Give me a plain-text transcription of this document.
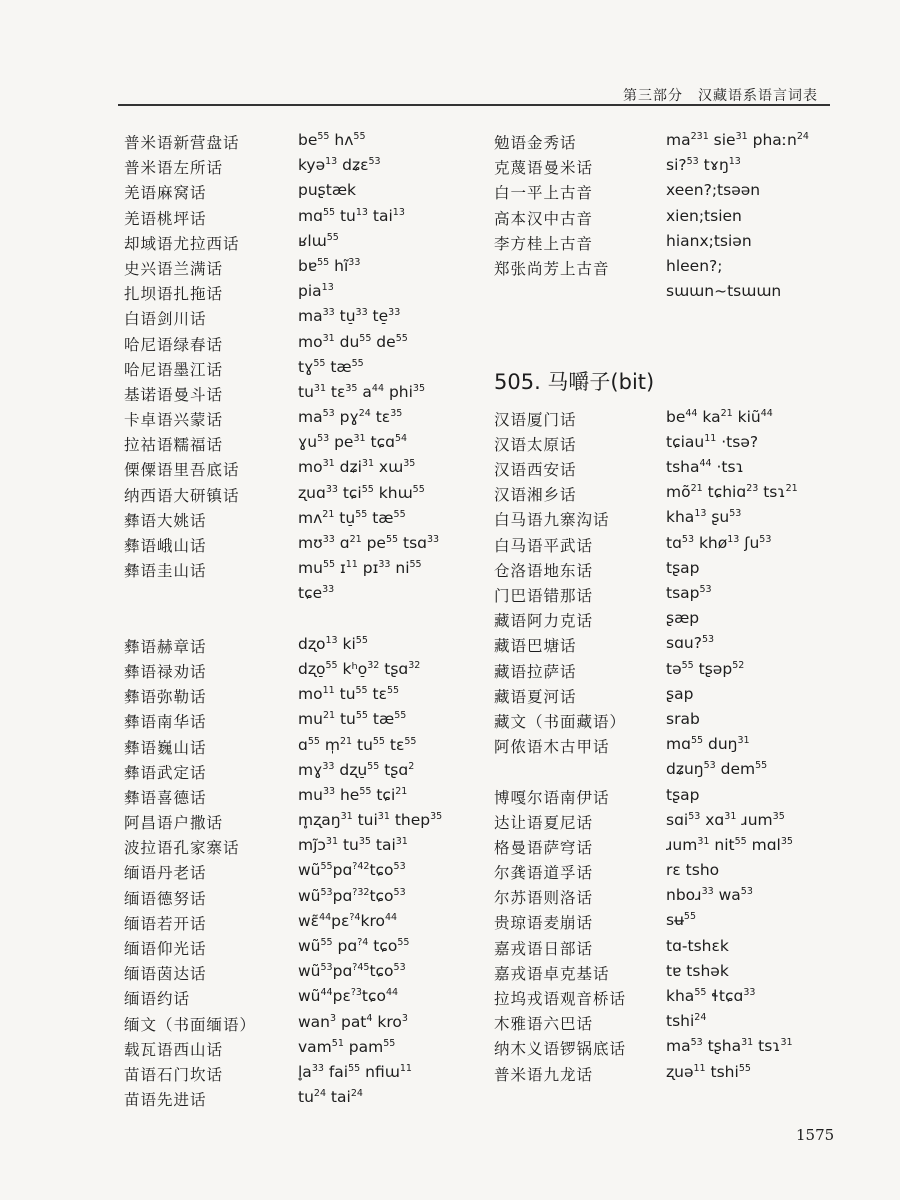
第三部分　汉藏语系语言词表
普米语新营盘话	$be^{55}$ hʌ$^{55}$
普米语左所话	kyə$^{13}$ dʑɛ$^{53}$
羌语麻窝话	puʂtæk
羌语桃坪话	mɑ$^{55}$ $tu^{13}$ tai$^{13}$
却域语尤拉西话	ʁlɯ$^{55}$
史兴语兰满话	bɐ$^{55}$ $hĩ^{33}$
扎坝语扎拖话	pia$^{13}$
白语剑川话	$ma^{33}$ tu̠$^{33}$ te̠$^{33}$
哈尼语绿春话	$mo^{31}$ $du^{55}$ $de^{55}$
哈尼语墨江话	tɣ$^{55}$ $tæ^{55}$
基诺语曼斗话	$tu^{31}$ tɛ$^{35}$ $a^{44}$ phi$^{35}$
卡卓语兴蒙话	$ma^{53}$ pɣ$^{24}$ tɛ$^{35}$
拉祜语糯福话	ɣu$^{53}$ $pe^{31}$ tɕɑ$^{54}$
傈僳语里吾底话	$mo^{31}$ dʑi$^{31}$ xɯ$^{35}$
纳西语大研镇话	ʐuɑ$^{33}$ tɕi$^{55}$ khɯ$^{55}$
彝语大姚话	mʌ$^{21}$ tu̠$^{55}$ $tæ^{55}$
彝语峨山话	mʊ$^{33}$ ɑ$^{21}$ $pe^{55}$ tsɑ$^{33}$
彝语圭山话	$mu^{55}$ ɪ$^{11}$ pɪ$^{33}$ $ni^{55}$
tɕe$^{33}$
彝语赫章话	dʐo$^{13}$ $ki^{55}$
彝语禄劝话	dʐo̠$^{55}$ kʰo̠$^{32}$ tʂɑ$^{32}$
彝语弥勒话	$mo^{11}$ $tu^{55}$ tɛ$^{55}$
彝语南华话	$mu^{21}$ $tu^{55}$ $tæ^{55}$
彝语巍山话	ɑ$^{55}$ m̩$^{21}$ $tu^{55}$ tɛ$^{55}$
彝语武定话	mɣ$^{33}$ dʐu̠$^{55}$ tʂɑ$^2$
彝语喜德话	$mu^{33}$ $he^{55}$ tɕi$^{21}$
阿昌语户撒话	m̥ʐaŋ$^{31}$ tui$^{31}$ thep$^{35}$
波拉语孔家寨话	mj̃ɔ$^{31}$ $tu^{35}$ tai$^{31}$
缅语丹老话	$wũ^{55}pɑ^{?42}tɕo^{53}$
缅语德努话	$wũ^{53}pɑ^{?32}tɕo^{53}$
缅语若开话	wɛ̃$^{44}$pɛ$^{?4}$kro$^{44}$
缅语仰光话	$wũ^{55}$ pɑ$^{?4}$ tɕo$^{55}$
缅语茵达话	$wũ^{53}pɑ^{?45}tɕo^{53}$
缅语约话	$wũ^{44}pɛ^{?3}tɕo^{44}$
缅文（书面缅语）	wan$^3$ pat$^4$ kro$^3$
载瓦语西山话	vam$^{51}$ pam$^{55}$
苗语石门坎话	$l̥a^{33}$ fai$^{55}$ nfiɯ$^{11}$
苗语先进话	$tu^{24}$ tai$^{24}$
勉语金秀话	$ma^{231}$ sie$^{31}$ phaːn$^{24}$
克蔑语曼米话	si?$^{53}$ tɤŋ$^{13}$
白一平上古音	xeen?;tsəən
高本汉中古音	xien;tsien
李方桂上古音	hianx;tsiən
郑张尚芳上古音	hleen?;
sɯɯn~tsɯɯn
505. 马嚼子(bit)
汉语厦门话	$be^{44}$ $ka^{21}$ kiũ$^{44}$
汉语太原话	tɕiau$^{11}$ ·tsə?
汉语西安话	tsha$^{44}$ ·tsɿ
汉语湘乡话	$mõ^{21}$ tɕhiɑ$^{23}$ tsɿ$^{21}$
白马语九寨沟话	kha$^{13}$ ʂu$^{53}$
白马语平武话	tɑ$^{53}$ khø$^{13}$ ʃu$^{53}$
仓洛语地东话	tʂap
门巴语错那话	tsap$^{53}$
藏语阿力克话	ʂæp
藏语巴塘话	sɑu?$^{53}$
藏语拉萨话	tə$^{55}$ tʂəp$^{52}$
藏语夏河话	ʂap
藏文（书面藏语）	srab
阿侬语木古甲话	mɑ$^{55}$ duŋ$^{31}$
dʑuŋ$^{53}$ dem$^{55}$
博嘎尔语南伊话	tʂap
达让语夏尼话	sɑi$^{53}$ xɑ$^{31}$ ɹum$^{35}$
格曼语萨穹话	ɹum$^{31}$ nit$^{55}$ mɑl$^{35}$
尔龚语道孚话	rɛ tsho
尔苏语则洛话	nboɹ$^{33}$ $wa^{53}$
贵琼语麦崩话	sʉ$^{55}$
嘉戎语日部话	tɑ-tshɛk
嘉戎语卓克基话	tɐ tshək
拉坞戎语观音桥话	kha$^{55}$ ɬtɕɑ$^{33}$
木雅语六巴话	tshi$^{24}$
纳木义语锣锅底话	$ma^{53}$ tʂha$^{31}$ tsɿ$^{31}$
普米语九龙话	ʐuə$^{11}$ tshi$^{55}$
1575
